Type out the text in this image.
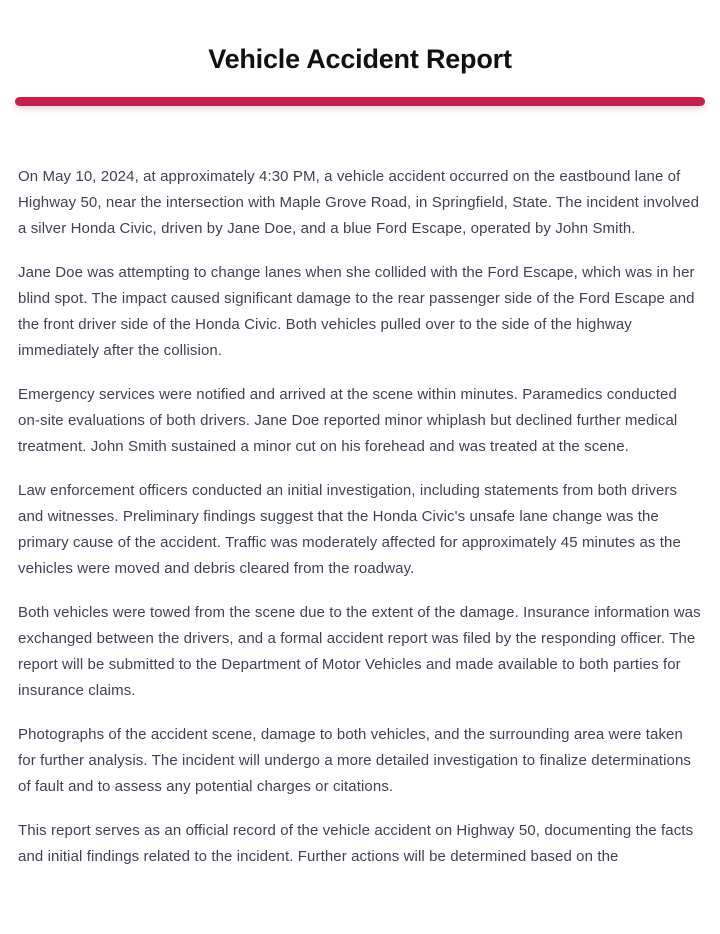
Vehicle Accident Report

On May 10, 2024, at approximately 4:30 PM, a vehicle accident occurred on the eastbound lane of Highway 50, near the intersection with Maple Grove Road, in Springfield, State. The incident involved a silver Honda Civic, driven by Jane Doe, and a blue Ford Escape, operated by John Smith.

Jane Doe was attempting to change lanes when she collided with the Ford Escape, which was in her blind spot. The impact caused significant damage to the rear passenger side of the Ford Escape and the front driver side of the Honda Civic. Both vehicles pulled over to the side of the highway immediately after the collision.

Emergency services were notified and arrived at the scene within minutes. Paramedics conducted on-site evaluations of both drivers. Jane Doe reported minor whiplash but declined further medical treatment. John Smith sustained a minor cut on his forehead and was treated at the scene.

Law enforcement officers conducted an initial investigation, including statements from both drivers and witnesses. Preliminary findings suggest that the Honda Civic's unsafe lane change was the primary cause of the accident. Traffic was moderately affected for approximately 45 minutes as the vehicles were moved and debris cleared from the roadway.

Both vehicles were towed from the scene due to the extent of the damage. Insurance information was exchanged between the drivers, and a formal accident report was filed by the responding officer. The report will be submitted to the Department of Motor Vehicles and made available to both parties for insurance claims.

Photographs of the accident scene, damage to both vehicles, and the surrounding area were taken for further analysis. The incident will undergo a more detailed investigation to finalize determinations of fault and to assess any potential charges or citations.

This report serves as an official record of the vehicle accident on Highway 50, documenting the facts and initial findings related to the incident. Further actions will be determined based on the
